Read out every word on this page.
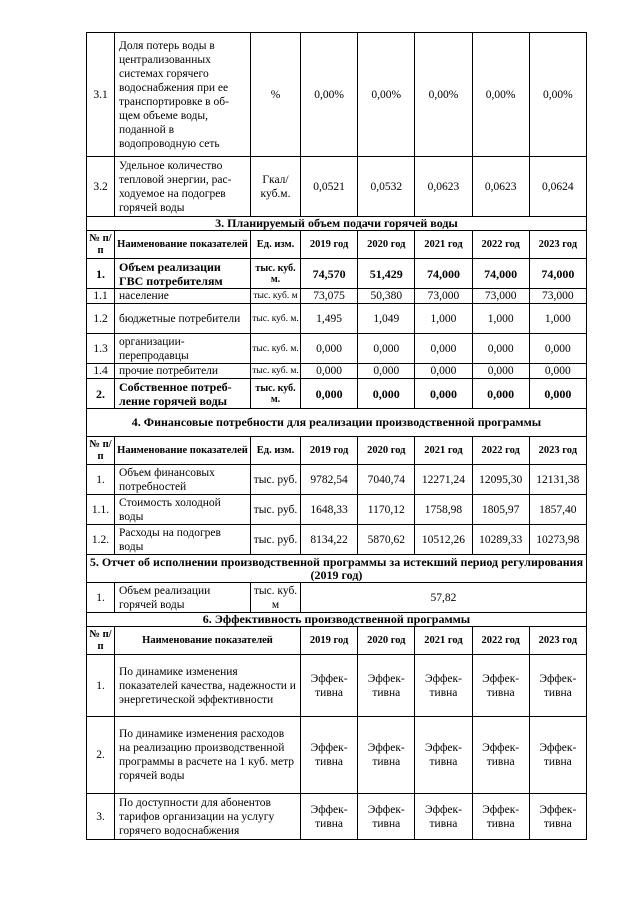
3.1	Доля потерь воды в централизованных системах горячего водоснабжения при ее транспортировке в об-щем объеме воды, поданной в водопроводную сеть	%	0,00%	0,00%	0,00%	0,00%	0,00%
3.2	Удельное количество тепловой энергии, рас-ходуемое на подогрев горячей воды	Гкал/ куб.м.	0,0521	0,0532	0,0623	0,0623	0,0624
3. Планируемый объем подачи горячей воды							
№ п/п	Наименование показателей	Ед. изм.	2019 год	2020 год	2021 год	2022 год	2023 год
1.	Объем реализации ГВС потребителям	тыс. куб. м.	74,570	51,429	74,000	74,000	74,000
1.1	население	тыс. куб. м	73,075	50,380	73,000	73,000	73,000
1.2	бюджетные потребители	тыс. куб. м.	1,495	1,049	1,000	1,000	1,000
1.3	организации-перепродавцы	тыс. куб. м.	0,000	0,000	0,000	0,000	0,000
1.4	прочие потребители	тыс. куб. м.	0,000	0,000	0,000	0,000	0,000
2.	Собственное потреб-ление горячей воды	тыс. куб. м.	0,000	0,000	0,000	0,000	0,000
4. Финансовые потребности для реализации производственной программы							
№ п/п	Наименование показателей	Ед. изм.	2019 год	2020 год	2021 год	2022 год	2023 год
1.	Объем финансовых потребностей	тыс. руб.	9782,54	7040,74	12271,24	12095,30	12131,38
1.1.	Стоимость холодной воды	тыс. руб.	1648,33	1170,12	1758,98	1805,97	1857,40
1.2.	Расходы на подогрев воды	тыс. руб.	8134,22	5870,62	10512,26	10289,33	10273,98
5. Отчет об исполнении производственной программы за истекший период регулирования (2019 год)							
1.	Объем реализации горячей воды	тыс. куб. м	57,82				
6. Эффективность производственной программы							
№ п/п	Наименование показателей		2019 год	2020 год	2021 год	2022 год	2023 год
1.	По динамике изменения показателей качества, надежности и энергетической эффективности		Эффек-тивна	Эффек-тивна	Эффек-тивна	Эффек-тивна	Эффек-тивна
2.	По динамике изменения расходов на реализацию производственной программы в расчете на 1 куб. метр горячей воды		Эффек-тивна	Эффек-тивна	Эффек-тивна	Эффек-тивна	Эффек-тивна
3.	По доступности для абонентов тарифов организации на услугу горячего водоснабжения		Эффек-тивна	Эффек-тивна	Эффек-тивна	Эффек-тивна	Эффек-тивна
